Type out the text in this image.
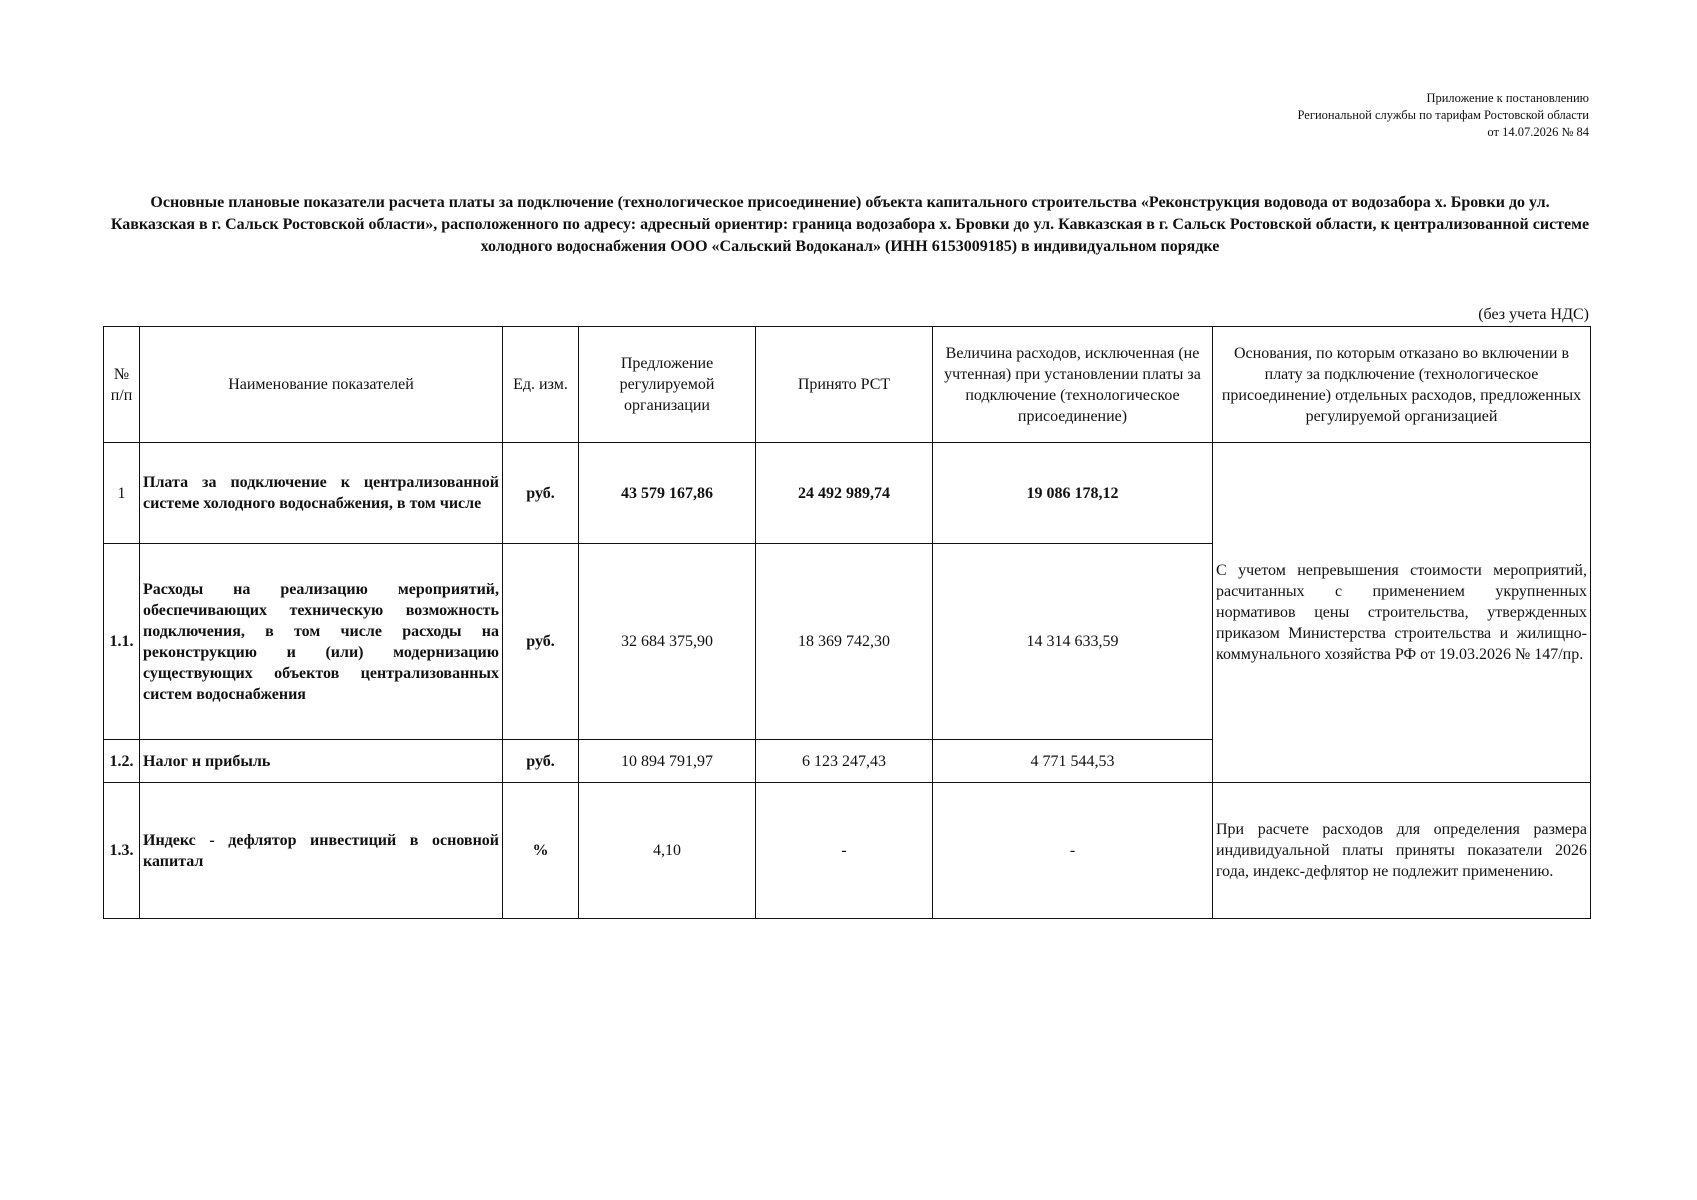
Приложение к постановлению
Региональной службы по тарифам Ростовской области
от 14.07.2026 № 84
Основные плановые показатели расчета платы за подключение (технологическое присоединение) объекта капитального строительства «Реконструкция водовода от водозабора х. Бровки до ул. Кавказская в г. Сальск Ростовской области», расположенного по адресу: адресный ориентир: граница водозабора х. Бровки до ул. Кавказская в г. Сальск Ростовской области, к централизованной системе холодного водоснабжения ООО «Сальский Водоканал» (ИНН 6153009185) в индивидуальном порядке
(без учета НДС)
№ п/п	Наименование показателей	Ед. изм.	Предложение регулируемой организации	Принято РСТ	Величина расходов, исключенная (не учтенная) при установлении платы за подключение (технологическое присоединение)	Основания, по которым отказано во включении в плату за подключение (технологическое присоединение) отдельных расходов, предложенных регулируемой организацией
1	Плата за подключение к централизованной системе холодного водоснабжения, в том числе	руб.	43 579 167,86	24 492 989,74	19 086 178,12	С учетом непревышения стоимости мероприятий, расчитанных с применением укрупненных нормативов цены строительства, утвержденных приказом Министерства строительства и жилищно-коммунального хозяйства РФ от 19.03.2026 № 147/пр.
1.1.	Расходы на реализацию мероприятий, обеспечивающих техническую возможность подключения, в том числе расходы на реконструкцию и (или) модернизацию существующих объектов централизованных систем водоснабжения	руб.	32 684 375,90	18 369 742,30	14 314 633,59	
1.2.	Налог н прибыль	руб.	10 894 791,97	6 123 247,43	4 771 544,53	
1.3.	Индекс - дефлятор инвестиций в основной капитал	%	4,10	-	-	При расчете расходов для определения размера индивидуальной платы приняты показатели 2026 года, индекс-дефлятор не подлежит применению.
